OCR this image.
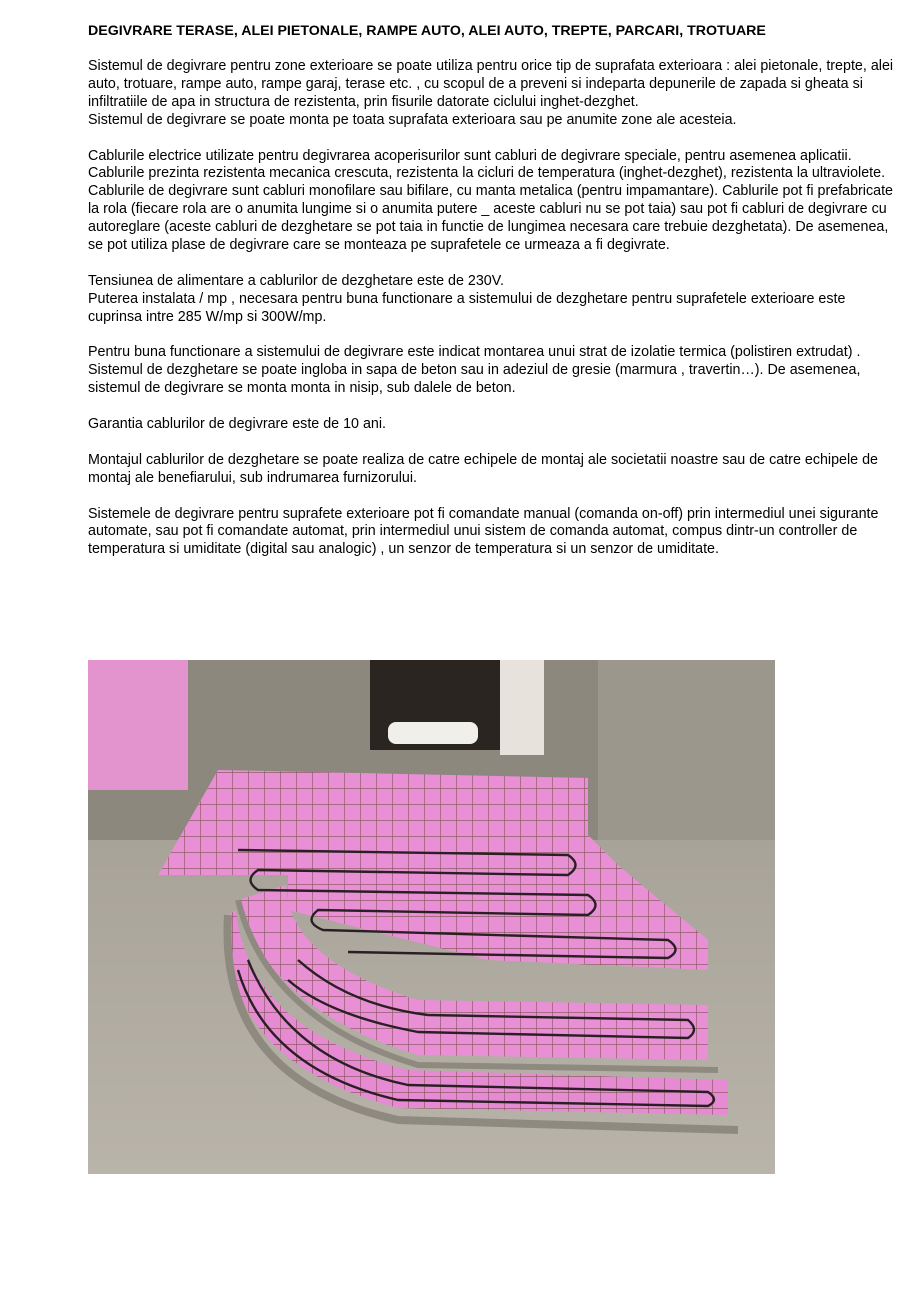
DEGIVRARE TERASE, ALEI PIETONALE, RAMPE AUTO, ALEI AUTO, TREPTE, PARCARI, TROTUARE
Sistemul de degivrare pentru zone exterioare se poate utiliza pentru orice tip de suprafata exterioara : alei pietonale, trepte, alei auto, trotuare, rampe auto, rampe garaj, terase etc. , cu scopul de a preveni si indeparta depunerile de zapada si gheata si infiltratiile de apa in structura de rezistenta, prin fisurile datorate ciclului inghet-dezghet.
Sistemul de degivrare se poate monta pe toata suprafata exterioara sau pe anumite zone ale acesteia.
Cablurile electrice utilizate pentru degivrarea acoperisurilor sunt cabluri de degivrare speciale, pentru asemenea aplicatii. Cablurile prezinta rezistenta mecanica crescuta, rezistenta la cicluri de temperatura (inghet-dezghet), rezistenta la ultraviolete.
Cablurile de degivrare sunt cabluri monofilare sau bifilare, cu manta metalica (pentru impamantare). Cablurile pot fi prefabricate la rola (fiecare rola are o anumita lungime si o anumita putere _ aceste cabluri nu se pot taia) sau pot fi cabluri de degivrare cu autoreglare (aceste cabluri de dezghetare se pot taia in functie de lungimea necesara care trebuie dezghetata). De asemenea, se pot utiliza plase de degivrare care se monteaza pe suprafetele ce urmeaza a fi degivrate.
Tensiunea de alimentare a cablurilor de dezghetare este de 230V.
Puterea instalata / mp , necesara pentru buna functionare a sistemului de dezghetare pentru suprafetele exterioare este cuprinsa intre 285 W/mp si 300W/mp.
Pentru buna functionare a sistemului de degivrare este indicat montarea unui strat de izolatie termica (polistiren extrudat) . Sistemul de dezghetare se poate ingloba in sapa de beton sau in adeziul de gresie (marmura , travertin…). De asemenea, sistemul de degivrare se monta monta in nisip, sub dalele de beton.
Garantia cablurilor de degivrare este de 10 ani.
Montajul cablurilor de dezghetare se poate realiza de catre echipele de montaj ale societatii noastre sau de catre echipele de montaj ale benefiarului, sub indrumarea furnizorului.
Sistemele de degivrare pentru suprafete exterioare pot fi comandate manual (comanda on-off) prin intermediul unei sigurante automate, sau pot fi comandate automat, prin intermediul unui sistem de comanda automat, compus dintr-un controller de temperatura si umiditate (digital sau analogic) , un senzor de temperatura si un senzor de umiditate.
